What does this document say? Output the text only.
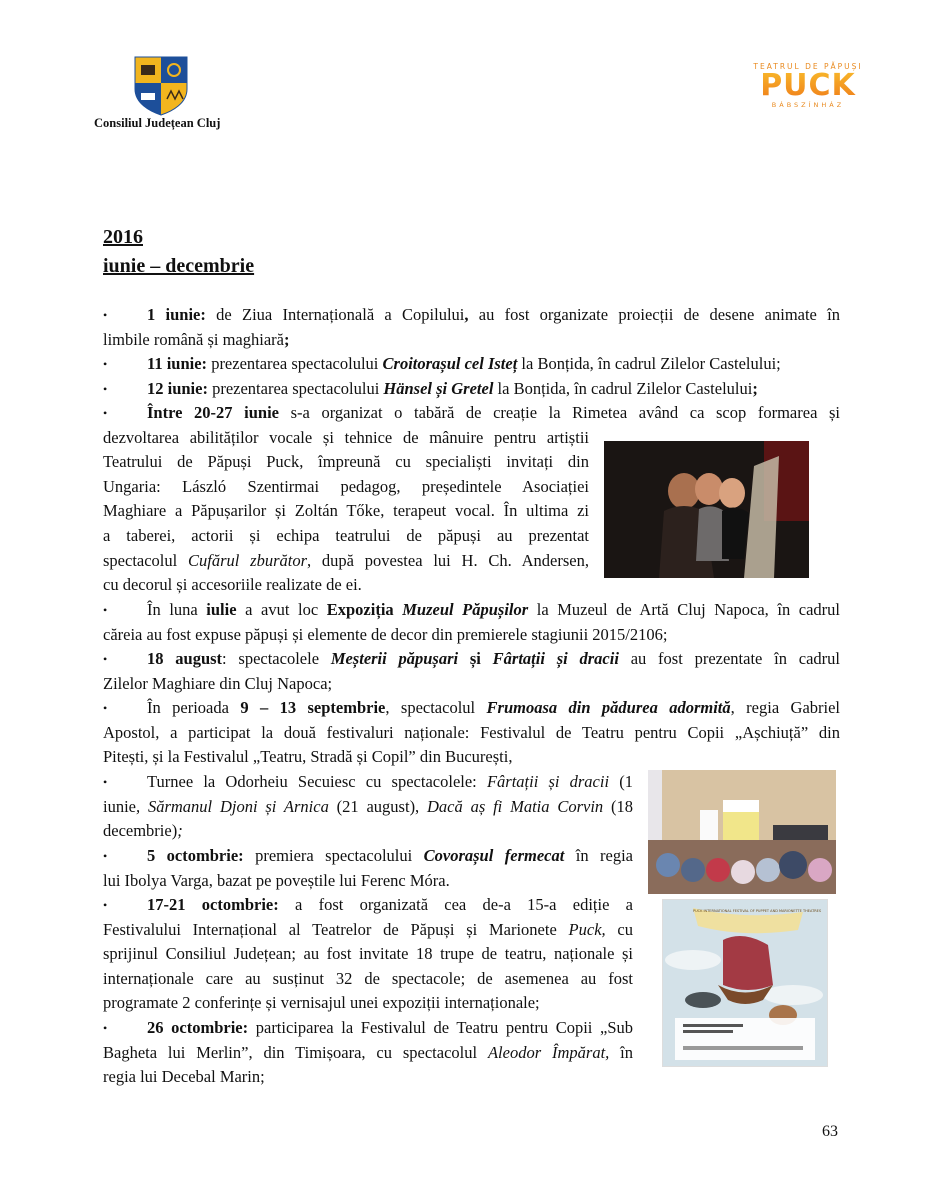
Consiliul Județean Cluj
TEATRUL DE PĂPUȘI
PUCK
BÁBSZÍNHÁZ
2016
iunie – decembrie
• 1 iunie: de Ziua Internațională a Copilului, au fost organizate proiecții de desene animate în
limbile română și maghiară;
• 11 iunie: prezentarea spectacolului Croitorașul cel Isteț la Bonțida, în cadrul Zilelor Castelului;
• 12 iunie: prezentarea spectacolului Hänsel și Gretel la Bonțida, în cadrul Zilelor Castelului;
• Între 20-27 iunie s-a organizat o tabără de creație la Rimetea având ca scop formarea și
dezvoltarea abilităților vocale și tehnice de mânuire pentru artiștii
Teatrului de Păpuși Puck, împreună cu specialiști invitați din
Ungaria: László Szentirmai pedagog, președintele Asociației
Maghiare a Păpușarilor și Zoltán Tőke, terapeut vocal. În ultima zi
a taberei, actorii și echipa teatrului de păpuși au prezentat
spectacolul Cufărul zburător, după povestea lui H. Ch. Andersen,
cu decorul și accesoriile realizate de ei.
• În luna iulie a avut loc Expoziția Muzeul Păpușilor la Muzeul de Artă Cluj Napoca, în cadrul
căreia au fost expuse păpuși și elemente de decor din premierele stagiunii 2015/2106;
• 18 august: spectacolele Meșterii păpușari și Fârtații și dracii au fost prezentate în cadrul
Zilelor Maghiare din Cluj Napoca;
• În perioada 9 – 13 septembrie, spectacolul Frumoasa din pădurea adormită, regia Gabriel
Apostol, a participat la două festivaluri naționale: Festivalul de Teatru pentru Copii „Așchiuță” din
Pitești, și la Festivalul „Teatru, Stradă și Copil” din București,
• Turnee la Odorheiu Secuiesc cu spectacolele: Fârtații și dracii (1
iunie, Sărmanul Djoni și Arnica (21 august), Dacă aș fi Matia Corvin (18
decembrie);
• 5 octombrie: premiera spectacolului Covorașul fermecat în regia
lui Ibolya Varga, bazat pe poveștile lui Ferenc Móra.
• 17-21 octombrie: a fost organizată cea de-a 15-a ediție a
Festivalului Internațional al Teatrelor de Păpuși și Marionete Puck, cu
sprijinul Consiliul Județean; au fost invitate 18 trupe de teatru, naționale și
internaționale care au susținut 32 de spectacole; de asemenea au fost
programate 2 conferințe și vernisajul unei expoziții internaționale;
• 26 octombrie: participarea la Festivalul de Teatru pentru Copii „Sub
Bagheta lui Merlin”, din Timișoara, cu spectacolul Aleodor Împărat, în
regia lui Decebal Marin;
PUCK INTERNATIONAL FESTIVAL OF PUPPET AND MARIONETTE THEATRES
63
